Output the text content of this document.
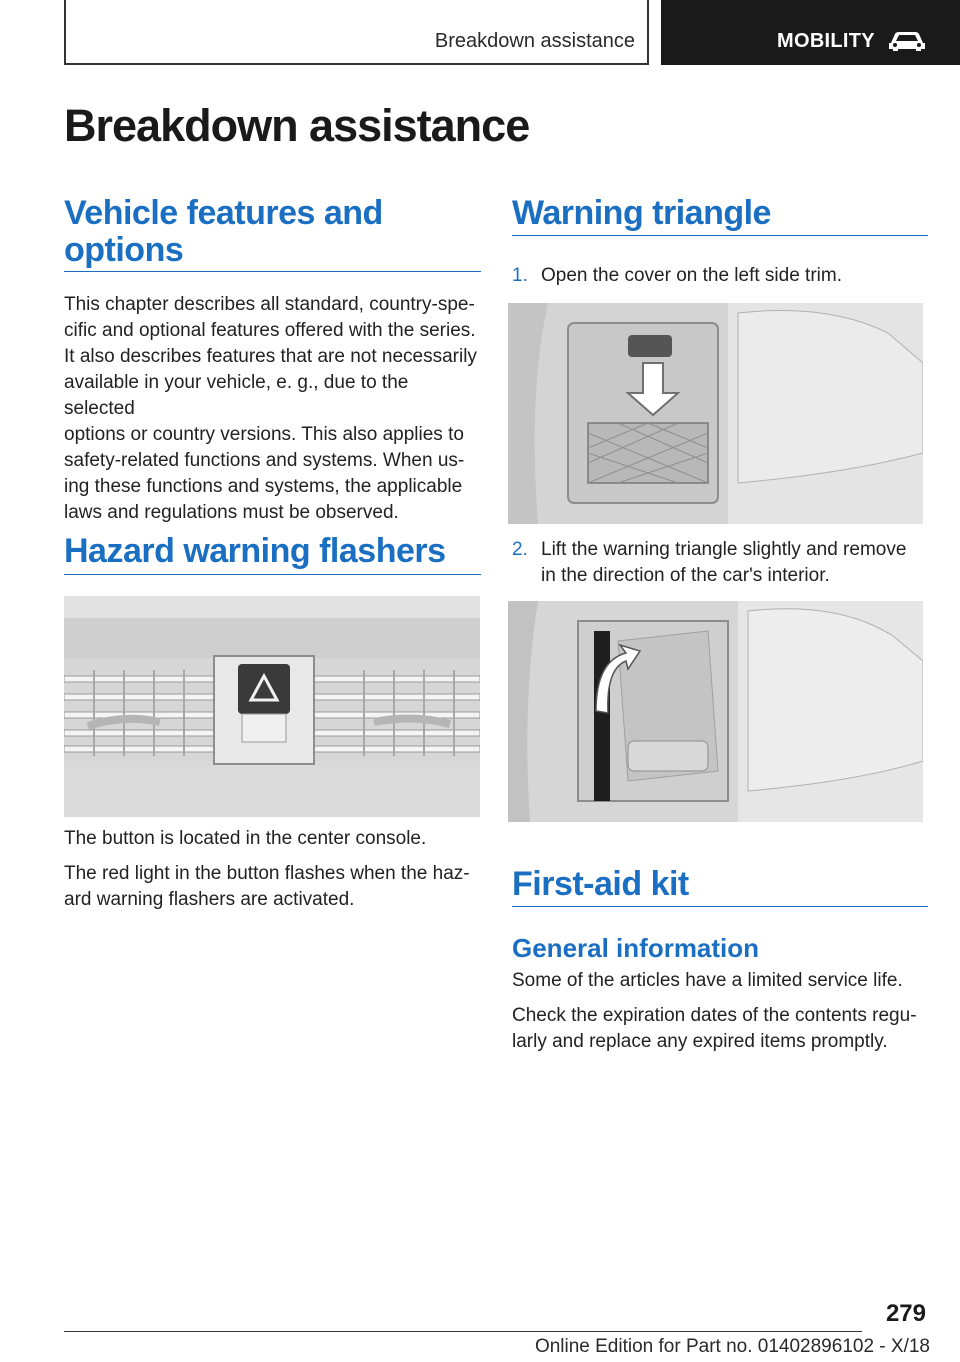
Breakdown assistance	MOBILITY
Breakdown assistance
Vehicle features and
options
This chapter describes all standard, country-spe-
cific and optional features offered with the series.
It also describes features that are not necessarily
available in your vehicle, e. g., due to the selected
options or country versions. This also applies to
safety-related functions and systems. When us-
ing these functions and systems, the applicable
laws and regulations must be observed.
Hazard warning flashers
The button is located in the center console.
The red light in the button flashes when the haz-
ard warning flashers are activated.
Warning triangle
1. Open the cover on the left side trim.
2. Lift the warning triangle slightly and remove
in the direction of the car's interior.
First-aid kit
General information
Some of the articles have a limited service life.
Check the expiration dates of the contents regu-
larly and replace any expired items promptly.
279
Online Edition for Part no. 01402896102 - X/18
